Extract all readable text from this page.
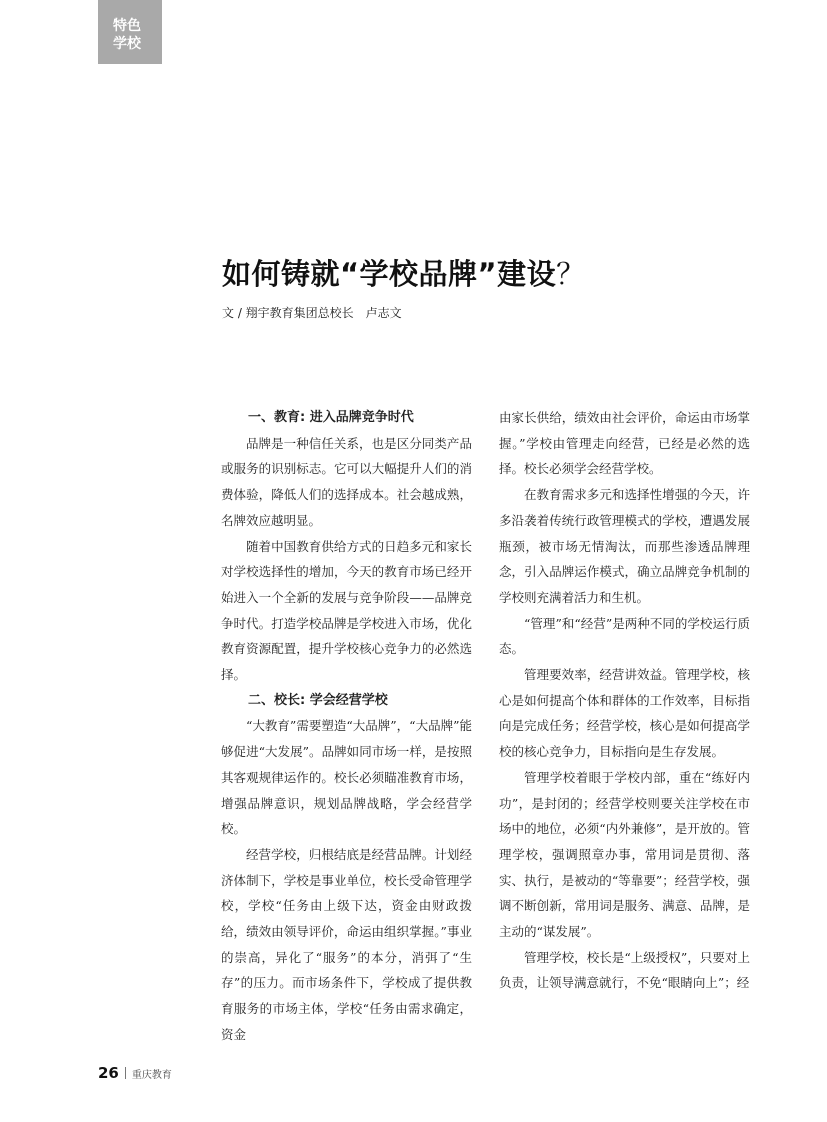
特色
学校
如何铸就“学校品牌”建设？
文 / 翔宇教育集团总校长　卢志文
一、教育: 进入品牌竞争时代

品牌是一种信任关系，也是区分同类产品或服务的识别标志。它可以大幅提升人们的消费体验，降低人们的选择成本。社会越成熟，名牌效应越明显。

随着中国教育供给方式的日趋多元和家长对学校选择性的增加，今天的教育市场已经开始进入一个全新的发展与竞争阶段——品牌竞争时代。打造学校品牌是学校进入市场，优化教育资源配置，提升学校核心竞争力的必然选择。

二、校长: 学会经营学校

“大教育”需要塑造“大品牌”，“大品牌”能够促进“大发展”。品牌如同市场一样，是按照其客观规律运作的。校长必须瞄准教育市场，增强品牌意识，规划品牌战略，学会经营学校。

经营学校，归根结底是经营品牌。计划经济体制下，学校是事业单位，校长受命管理学校，学校“任务由上级下达，资金由财政拨给，绩效由领导评价，命运由组织掌握。”事业的崇高，异化了“服务”的本分，消弭了“生存”的压力。而市场条件下，学校成了提供教育服务的市场主体，学校“任务由需求确定，资金

由家长供给，绩效由社会评价，命运由市场掌握。”学校由管理走向经营，已经是必然的选择。校长必须学会经营学校。

在教育需求多元和选择性增强的今天，许多沿袭着传统行政管理模式的学校，遭遇发展瓶颈，被市场无情淘汰，而那些渗透品牌理念，引入品牌运作模式，确立品牌竞争机制的学校则充满着活力和生机。

“管理”和“经营”是两种不同的学校运行质态。

管理要效率，经营讲效益。管理学校，核心是如何提高个体和群体的工作效率，目标指向是完成任务；经营学校，核心是如何提高学校的核心竞争力，目标指向是生存发展。

管理学校着眼于学校内部，重在“练好内功”，是封闭的；经营学校则要关注学校在市场中的地位，必须“内外兼修”，是开放的。管理学校，强调照章办事，常用词是贯彻、落实、执行，是被动的“等靠要”；经营学校，强调不断创新，常用词是服务、满意、品牌，是主动的“谋发展”。

管理学校，校长是“上级授权”，只要对上负责，让领导满意就行，不免“眼睛向上”；经

26 重庆教育
